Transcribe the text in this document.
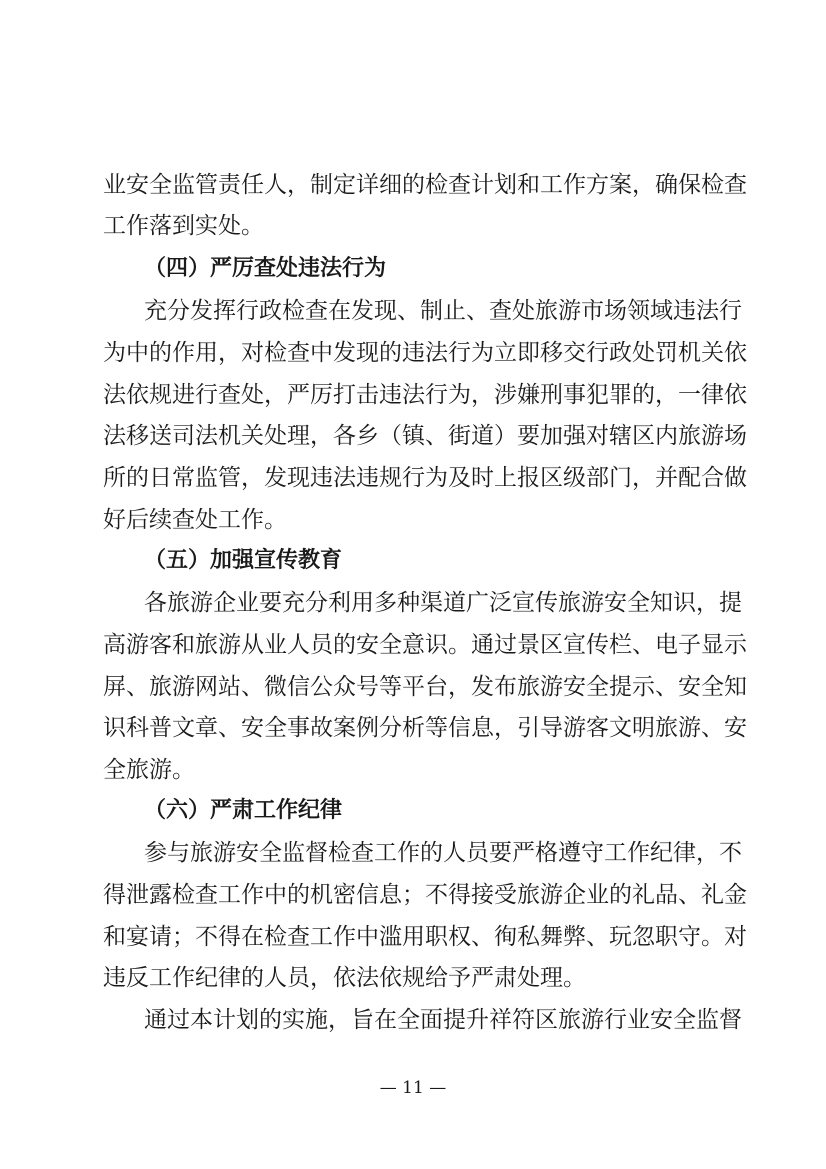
业安全监管责任人，制定详细的检查计划和工作方案，确保检查
工作落到实处。
（四）严厉查处违法行为
充分发挥行政检查在发现、制止、查处旅游市场领域违法行
为中的作用，对检查中发现的违法行为立即移交行政处罚机关依
法依规进行查处，严厉打击违法行为，涉嫌刑事犯罪的，一律依
法移送司法机关处理，各乡（镇、街道）要加强对辖区内旅游场
所的日常监管，发现违法违规行为及时上报区级部门，并配合做
好后续查处工作。
（五）加强宣传教育
各旅游企业要充分利用多种渠道广泛宣传旅游安全知识，提
高游客和旅游从业人员的安全意识。通过景区宣传栏、电子显示
屏、旅游网站、微信公众号等平台，发布旅游安全提示、安全知
识科普文章、安全事故案例分析等信息，引导游客文明旅游、安
全旅游。
（六）严肃工作纪律
参与旅游安全监督检查工作的人员要严格遵守工作纪律，不
得泄露检查工作中的机密信息；不得接受旅游企业的礼品、礼金
和宴请；不得在检查工作中滥用职权、徇私舞弊、玩忽职守。对
违反工作纪律的人员，依法依规给予严肃处理。
通过本计划的实施，旨在全面提升祥符区旅游行业安全监督
— 11 —
